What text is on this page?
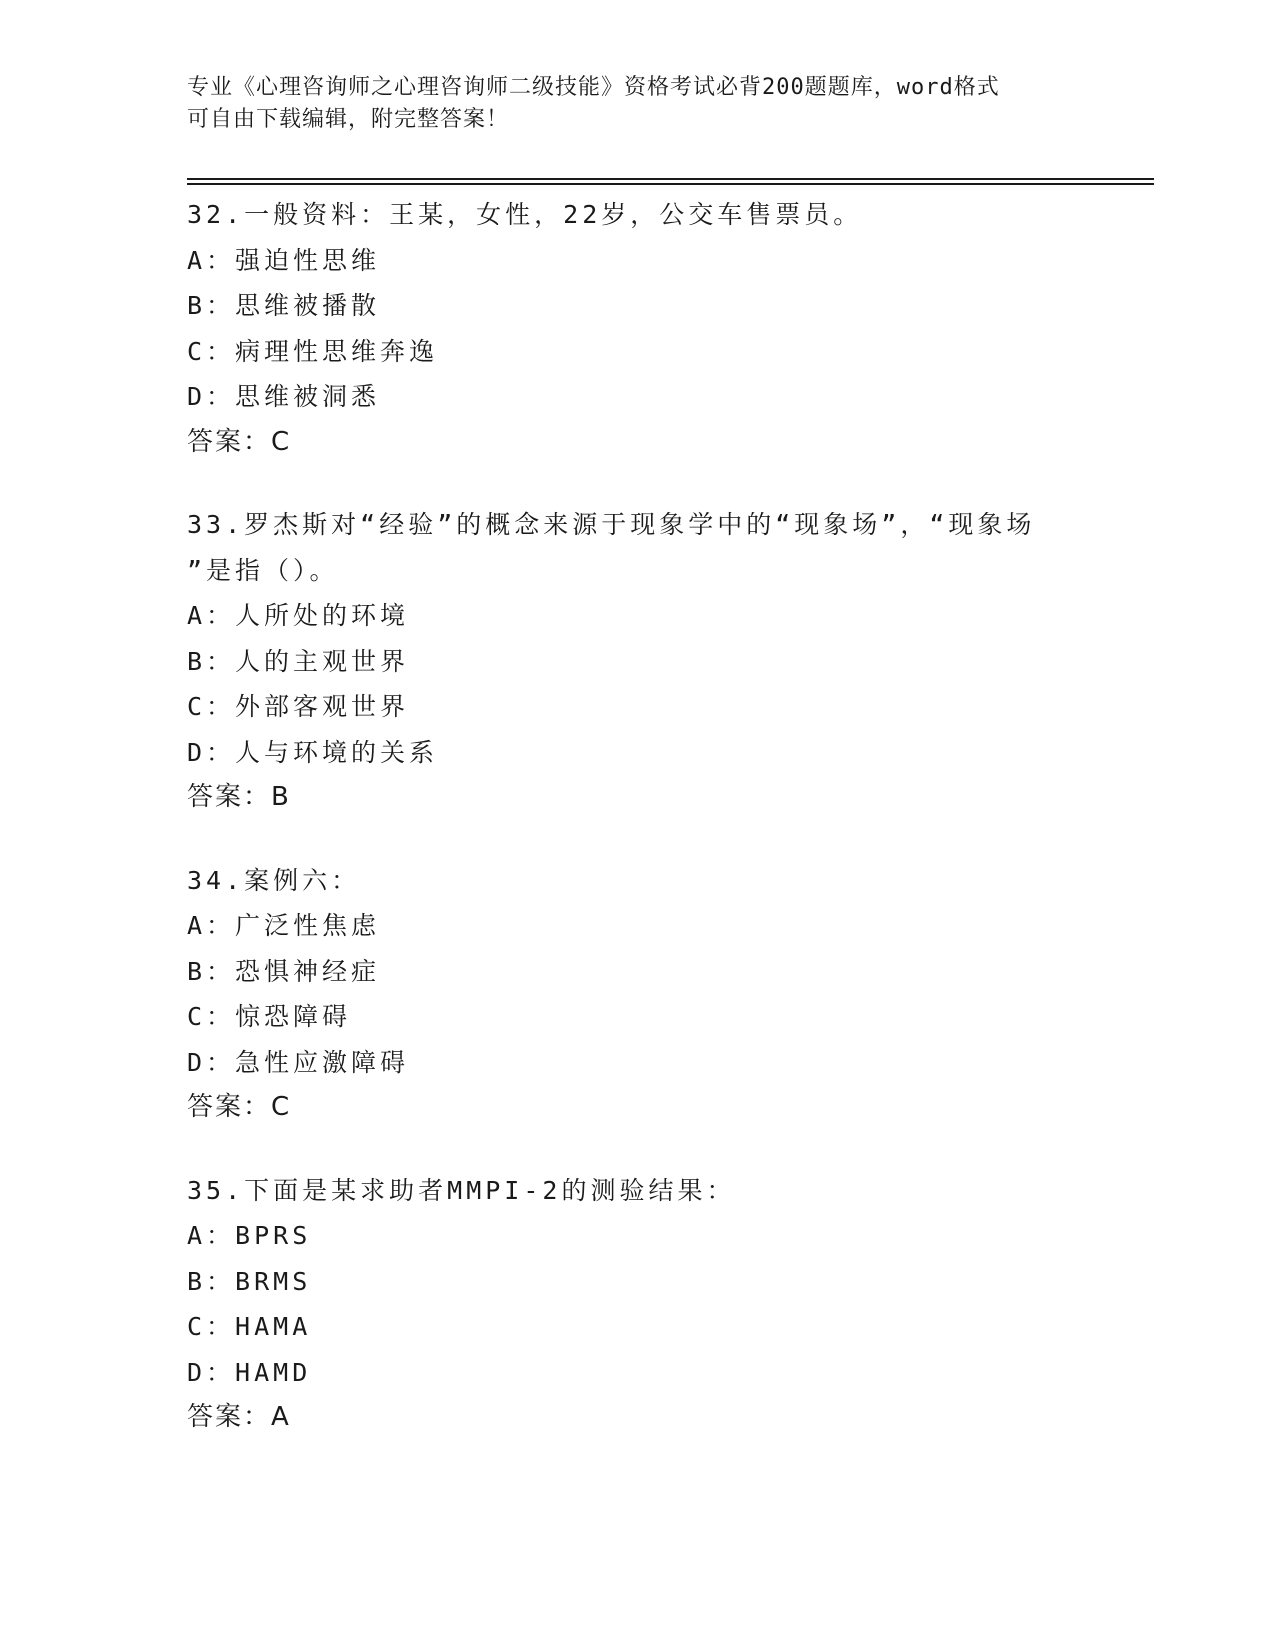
专业《心理咨询师之心理咨询师二级技能》资格考试必背200题题库，word格式
可自由下载编辑，附完整答案！
32.一般资料：王某，女性，22岁，公交车售票员。
A：强迫性思维
B：思维被播散
C：病理性思维奔逸
D：思维被洞悉
答案：C
33.罗杰斯对“经验”的概念来源于现象学中的“现象场”，“现象场
”是指（）。
A：人所处的环境
B：人的主观世界
C：外部客观世界
D：人与环境的关系
答案：B
34.案例六：
A：广泛性焦虑
B：恐惧神经症
C：惊恐障碍
D：急性应激障碍
答案：C
35.下面是某求助者MMPI-2的测验结果：
A：BPRS
B：BRMS
C：HAMA
D：HAMD
答案：A
